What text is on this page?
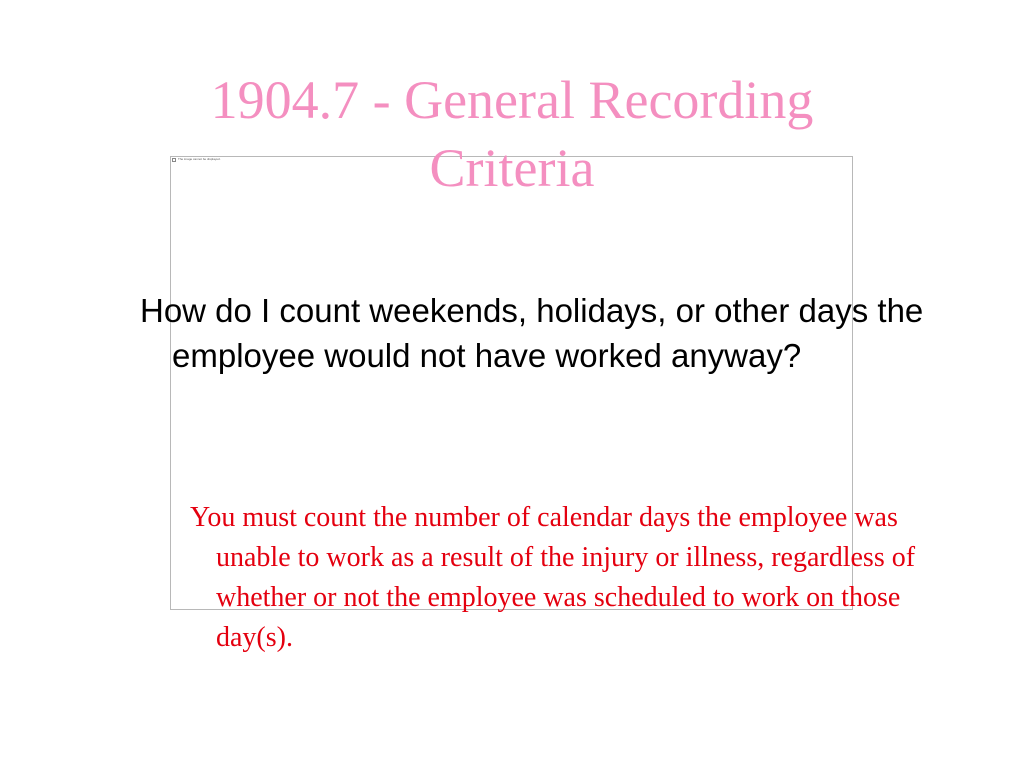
The image cannot be displayed.
1904.7 - General Recording
Criteria

How do I count weekends, holidays, or other days the employee would not have worked anyway?

You must count the number of calendar days the employee was unable to work as a result of the injury or illness, regardless of whether or not the employee was scheduled to work on those day(s).
